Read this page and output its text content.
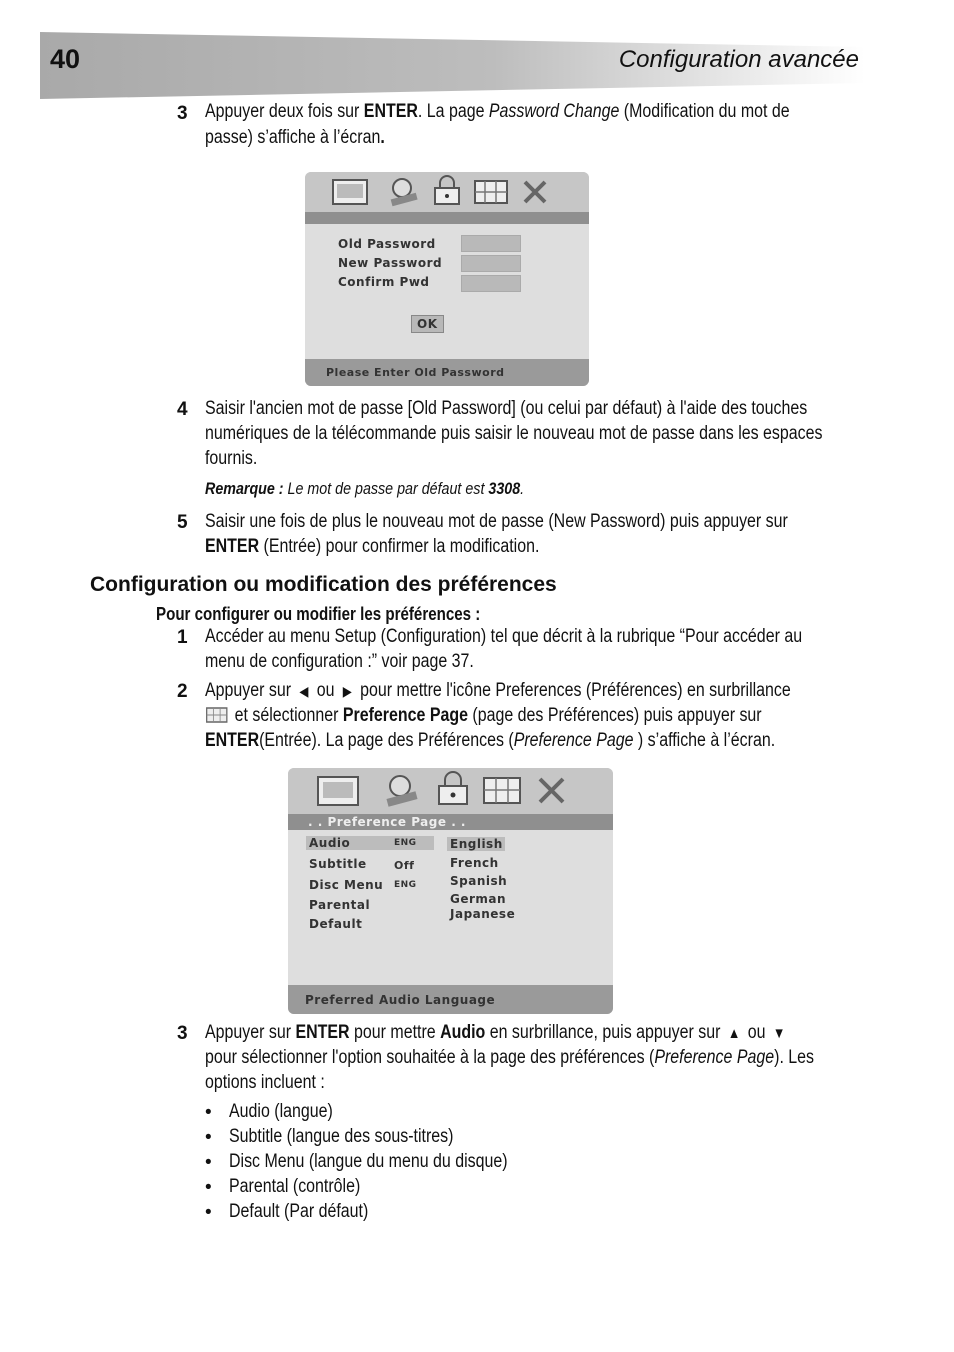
40	Configuration avancée
3 Appuyer deux fois sur ENTER. La page Password Change (Modification du mot de
passe) s’affiche à l’écran.
Old Password
New Password
Confirm Pwd
OK
Please Enter Old Password
4 Saisir l'ancien mot de passe [Old Password] (ou celui par défaut) à l'aide des touches
numériques de la télécommande puis saisir le nouveau mot de passe dans les espaces
fournis.
Remarque : Le mot de passe par défaut est 3308.
5 Saisir une fois de plus le nouveau mot de passe (New Password) puis appuyer sur
ENTER (Entrée) pour confirmer la modification.
Configuration ou modification des préférences
Pour configurer ou modifier les préférences :
1 Accéder au menu Setup (Configuration) tel que décrit à la rubrique “Pour accéder au
menu de configuration :” voir page 37.
2 Appuyer sur ◀ ou ▶ pour mettre l'icône Preferences (Préférences) en surbrillance
et sélectionner Preference Page (page des Préférences) puis appuyer sur
ENTER(Entrée). La page des Préférences (Preference Page ) s’affiche à l’écran.
. . Preference Page . .
Audio	ENG
Subtitle Off
Disc Menu ENG
Parental
Default
English
French
Spanish
German
Japanese
Preferred Audio Language
3 Appuyer sur ENTER pour mettre Audio en surbrillance, puis appuyer sur ▲ ou ▼
pour sélectionner l'option souhaitée à la page des préférences (Preference Page). Les
options incluent :
• Audio (langue)
• Subtitle (langue des sous-titres)
• Disc Menu (langue du menu du disque)
• Parental (contrôle)
• Default (Par défaut)
